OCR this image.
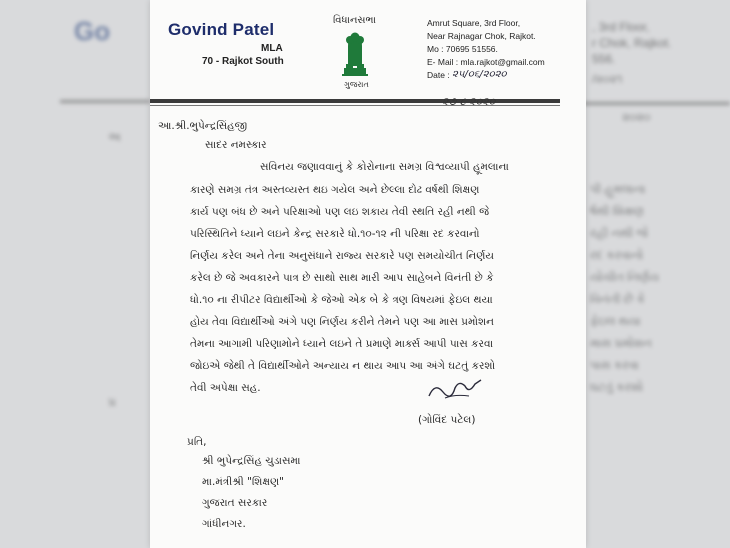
Go
અ
પ્ર
, 3rd Floor,
r Chok, Rajkot.
556.
/૨૦૨૧
૨૦૨૦
પી હૂમલાના
ર્ષથી શિક્ષણ
રહી નથી જે
રદ કરવાનો
યોચીત નિર્ણય
વિનંતી છે કે
ફેઇલ થયા
માસ પ્રમોશન
પાસ કરવા
ઘટતું કરશો
Govind Patel
MLA
70 - Rajkot South
વિધાનસભા
ગુજરાત
Amrut Square, 3rd Floor,
Near Rajnagar Chok, Rajkot.
Mo : 70695 51556.
E- Mail : mla.rajkot@gmail.com
Date : ૨૫/૦૬/૨૦૨૦
૨૭ ૮ ૨૦૨૦
આ.શ્રી.ભુપેન્દ્રસિંહજી
સાદર નમસ્કાર
સવિનય જણાવવાનું કે કોરોનાના સમગ્ર વિશ્વવ્યાપી હૂમલાના
કારણે સમગ્ર તંત્ર અસ્તવ્યસ્ત થઇ ગયેલ અને છેલ્લા દોઢ વર્ષથી શિક્ષણ
કાર્ય પણ બંધ છે અને પરિક્ષાઓ પણ લઇ શકાય તેવી સ્થતિ રહી નથી જે
પરિસ્થિતિને ધ્યાને લઇને કેન્દ્ર સરકારે ધો.૧૦-૧૨ ની પરિક્ષા રદ કરવાનો
નિર્ણય કરેલ અને તેના અનુસંધાને રાજ્ય સરકારે પણ સમયોચીત નિર્ણય
કરેલ છે જે અવકારને પાત્ર છે સાથો સાથ મારી આપ સાહેબને વિનંતી છે કે
ધો.૧૦ ના રીપીટર વિદ્યાર્થીઓ કે જેઓ એક બે કે ત્રણ વિષયમાં ફેઇલ થયા
હોય તેવા વિદ્યાર્થીઓ અંગે પણ નિર્ણય કરીને તેમને પણ આ માસ પ્રમોશન
તેમના આગામી પરિણામોને ધ્યાને લઇને તે પ્રમાણે માર્ક્સ આપી પાસ કરવા
જોઇએ જેથી તે વિદ્યાર્થીઓને અન્યાય ન થાય આપ આ અંગે ઘટતું કરશો
તેવી અપેક્ષા સહ.
(ગોવિંદ પટેલ)
પ્રતિ,
શ્રી ભુપેન્દ્રસિંહ ચુડાસમા
મા.મંત્રીશ્રી "શિક્ષણ"
ગુજરાત સરકાર
ગાંધીનગર.
